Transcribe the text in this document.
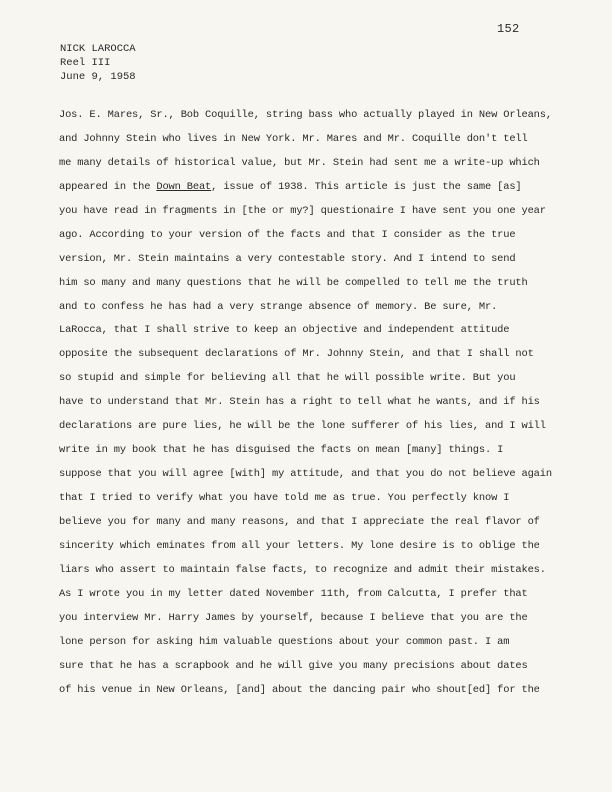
152
NICK LAROCCA
Reel III
June 9, 1958
Jos. E. Mares, Sr., Bob Coquille, string bass who actually played in New Orleans,
and Johnny Stein who lives in New York. Mr. Mares and Mr. Coquille don't tell
me many details of historical value, but Mr. Stein had sent me a write-up which
appeared in the Down Beat, issue of 1938. This article is just the same [as]
you have read in fragments in [the or my?] questionaire I have sent you one year
ago. According to your version of the facts and that I consider as the true
version, Mr. Stein maintains a very contestable story. And I intend to send
him so many and many questions that he will be compelled to tell me the truth
and to confess he has had a very strange absence of memory. Be sure, Mr.
LaRocca, that I shall strive to keep an objective and independent attitude
opposite the subsequent declarations of Mr. Johnny Stein, and that I shall not
so stupid and simple for believing all that he will possible write. But you
have to understand that Mr. Stein has a right to tell what he wants, and if his
declarations are pure lies, he will be the lone sufferer of his lies, and I will
write in my book that he has disguised the facts on mean [many] things. I
suppose that you will agree [with] my attitude, and that you do not believe again
that I tried to verify what you have told me as true. You perfectly know I
believe you for many and many reasons, and that I appreciate the real flavor of
sincerity which eminates from all your letters. My lone desire is to oblige the
liars who assert to maintain false facts, to recognize and admit their mistakes.
As I wrote you in my letter dated November 11th, from Calcutta, I prefer that
you interview Mr. Harry James by yourself, because I believe that you are the
lone person for asking him valuable questions about your common past. I am
sure that he has a scrapbook and he will give you many precisions about dates
of his venue in New Orleans, [and] about the dancing pair who shout[ed] for the
